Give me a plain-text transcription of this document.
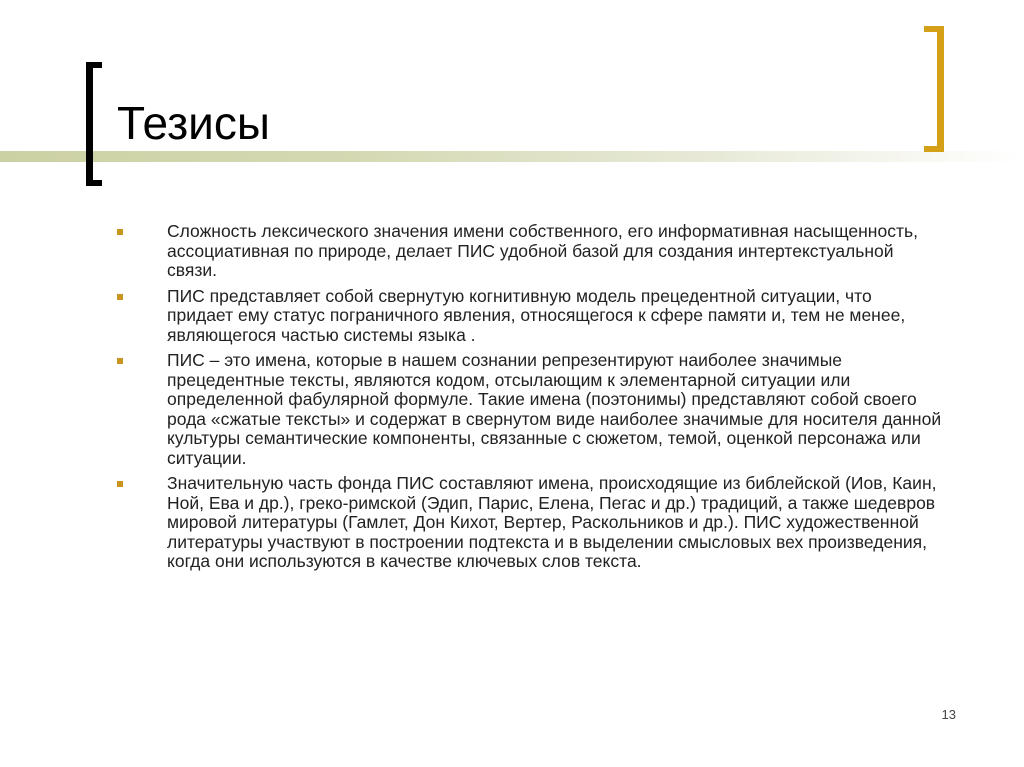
Тезисы
Сложность лексического значения имени собственного, его информативная насыщенность, ассоциативная по природе, делает ПИС удобной базой для создания интертекстуальной связи.
ПИС представляет собой свернутую когнитивную модель прецедентной ситуации, что придает ему статус пограничного явления, относящегося к сфере памяти и, тем не менее, являющегося частью системы языка .
ПИС – это имена, которые в нашем сознании репрезентируют наиболее значимые прецедентные тексты, являются кодом, отсылающим к элементарной ситуации или определенной фабулярной формуле. Такие имена (поэтонимы) представляют собой своего рода «сжатые тексты» и содержат в свернутом виде наиболее значимые для носителя данной культуры семантические компоненты, связанные с сюжетом, темой, оценкой персонажа или ситуации.
Значительную часть фонда ПИС составляют имена, происходящие из библейской (Иов, Каин, Ной, Ева и др.), греко-римской (Эдип, Парис, Елена, Пегас и др.) традиций, а также шедевров мировой литературы (Гамлет, Дон Кихот, Вертер, Раскольников и др.). ПИС художественной литературы участвуют в построении подтекста и в выделении смысловых вех произведения, когда они используются в качестве ключевых слов текста.
13
